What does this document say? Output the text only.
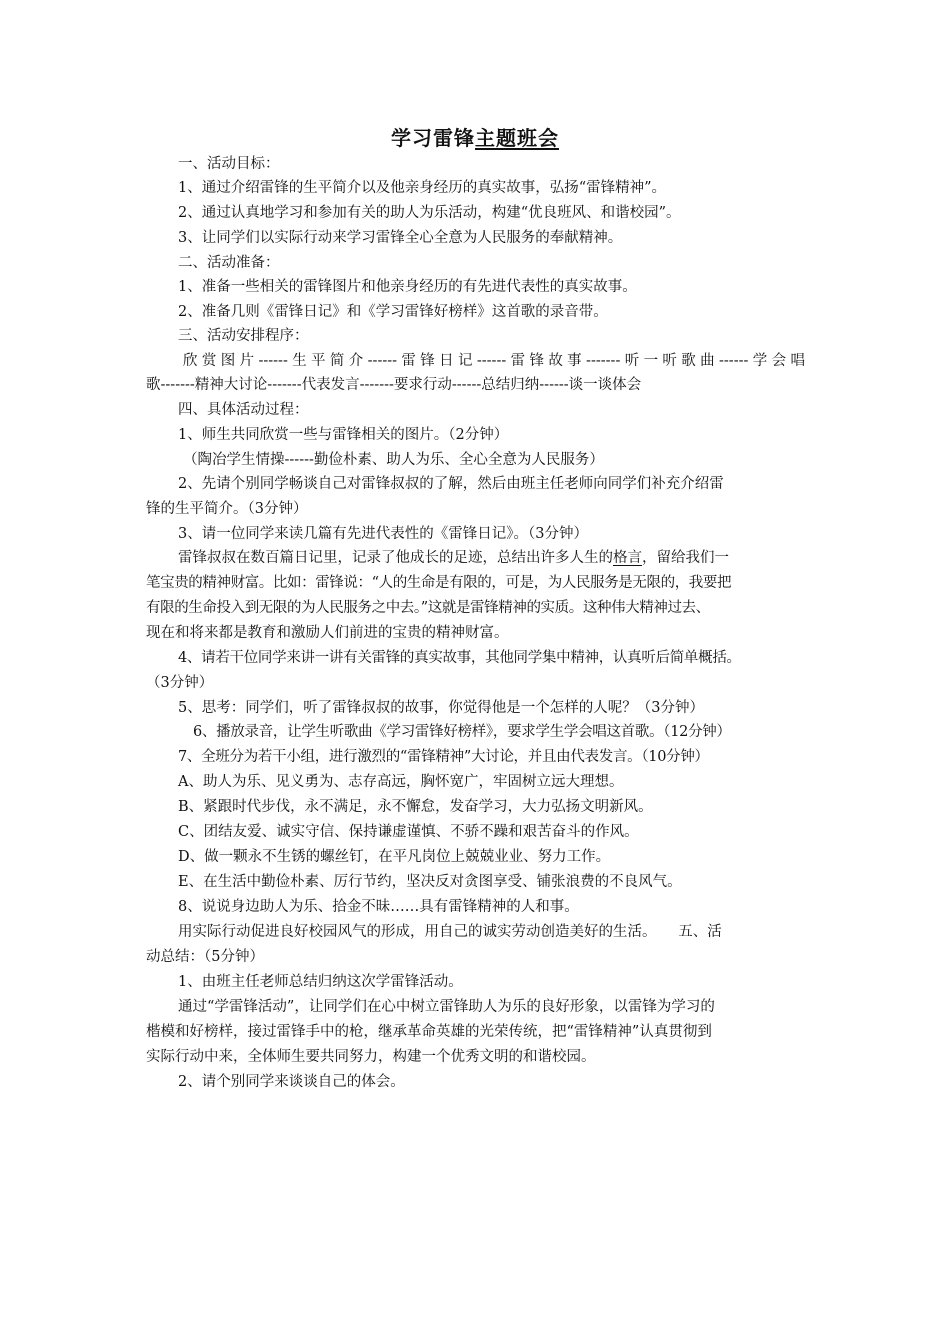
学习雷锋主题班会
一、活动目标：
1、通过介绍雷锋的生平简介以及他亲身经历的真实故事，弘扬“雷锋精神”。
2、通过认真地学习和参加有关的助人为乐活动，构建“优良班风、和谐校园”。
3、让同学们以实际行动来学习雷锋全心全意为人民服务的奉献精神。
二、活动准备：
1、准备一些相关的雷锋图片和他亲身经历的有先进代表性的真实故事。
2、准备几则《雷锋日记》和《学习雷锋好榜样》这首歌的录音带。
三、活动安排程序：
欣赏图片------生平简介------雷锋日记------雷锋故事-------听一听歌曲------学会唱
歌-------精神大讨论-------代表发言-------要求行动------总结归纳------谈一谈体会
四、具体活动过程：
1、师生共同欣赏一些与雷锋相关的图片。（2分钟）
（陶冶学生情操------勤俭朴素、助人为乐、全心全意为人民服务）
2、先请个别同学畅谈自己对雷锋叔叔的了解，然后由班主任老师向同学们补充介绍雷
锋的生平简介。（3分钟）
3、请一位同学来读几篇有先进代表性的《雷锋日记》。（3分钟）
雷锋叔叔在数百篇日记里，记录了他成长的足迹，总结出许多人生的格言，留给我们一
笔宝贵的精神财富。比如：雷锋说：“人的生命是有限的，可是，为人民服务是无限的，我要把
有限的生命投入到无限的为人民服务之中去。”这就是雷锋精神的实质。这种伟大精神过去、
现在和将来都是教育和激励人们前进的宝贵的精神财富。
4、请若干位同学来讲一讲有关雷锋的真实故事，其他同学集中精神，认真听后简单概括。
（3分钟）
5、思考：同学们，听了雷锋叔叔的故事，你觉得他是一个怎样的人呢？（3分钟）
6、播放录音，让学生听歌曲《学习雷锋好榜样》，要求学生学会唱这首歌。（12分钟）
7、全班分为若干小组，进行激烈的“雷锋精神”大讨论，并且由代表发言。（10分钟）
A、助人为乐、见义勇为、志存高远，胸怀宽广，牢固树立远大理想。
B、紧跟时代步伐，永不满足，永不懈怠，发奋学习，大力弘扬文明新风。
C、团结友爱、诚实守信、保持谦虚谨慎、不骄不躁和艰苦奋斗的作风。
D、做一颗永不生锈的螺丝钉，在平凡岗位上兢兢业业、努力工作。
E、在生活中勤俭朴素、厉行节约，坚决反对贪图享受、铺张浪费的不良风气。
8、说说身边助人为乐、拾金不昧……具有雷锋精神的人和事。
用实际行动促进良好校园风气的形成，用自己的诚实劳动创造美好的生活。　　五、活
动总结：（5分钟）
1、由班主任老师总结归纳这次学雷锋活动。
通过“学雷锋活动”，让同学们在心中树立雷锋助人为乐的良好形象，以雷锋为学习的
楷模和好榜样，接过雷锋手中的枪，继承革命英雄的光荣传统，把“雷锋精神”认真贯彻到
实际行动中来，全体师生要共同努力，构建一个优秀文明的和谐校园。
2、请个别同学来谈谈自己的体会。
